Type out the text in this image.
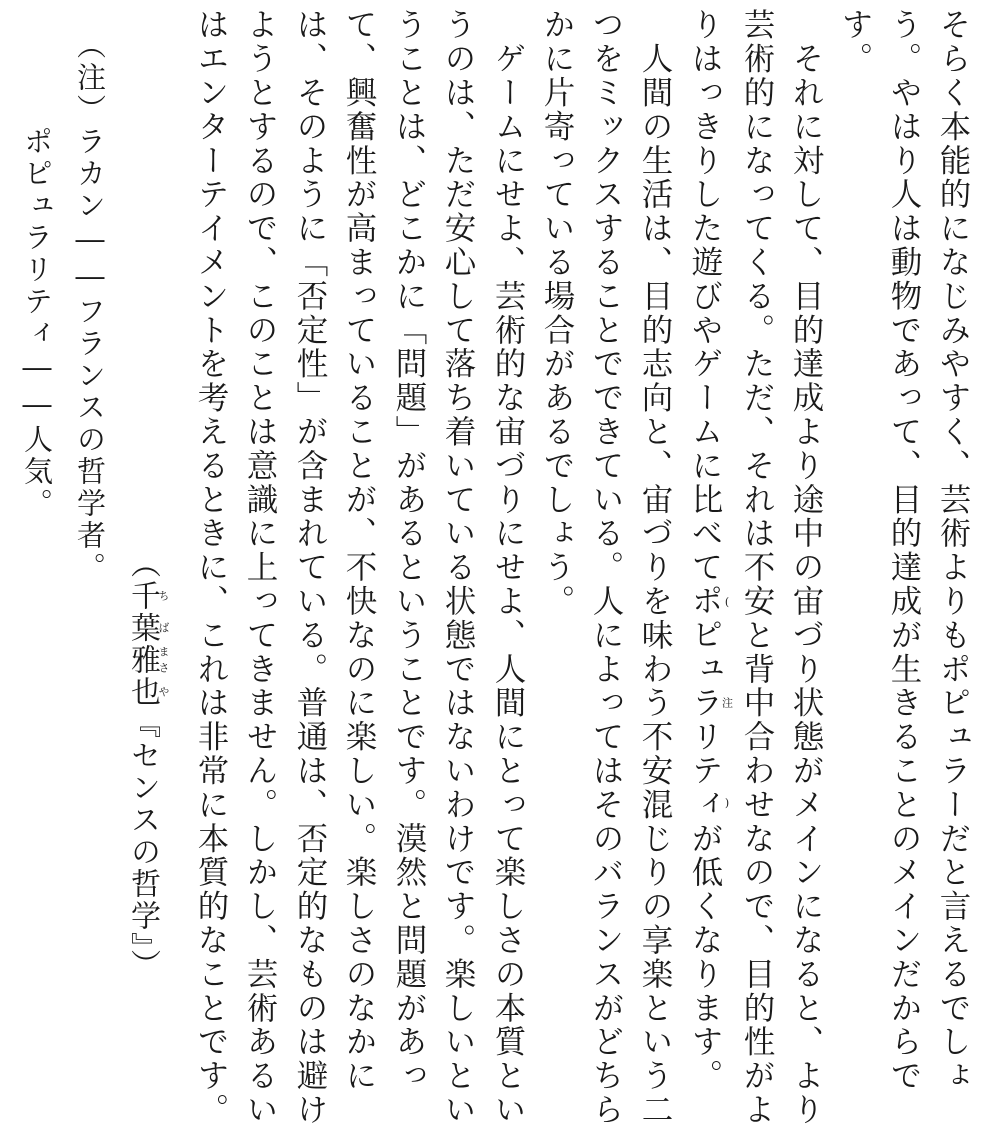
そらく本能的になじみやすく、芸術よりもポピュラーだと言えるでしょ

う。やはり人は動物であって、目的達成が生きることのメインだからで

す。

　それに対して、目的達成より途中の宙づり状態がメインになると、より

芸術的になってくる。ただ、それは不安と背中合わせなので、目的性がよ

りはっきりした遊びやゲームに比べてポピュラリティ(注)が低くなります。

　人間の生活は、目的志向と、宙づりを味わう不安混じりの享楽という二

つをミックスすることでできている。人によってはそのバランスがどちら

かに片寄っている場合があるでしょう。

　ゲームにせよ、芸術的な宙づりにせよ、人間にとって楽しさの本質とい

うのは、ただ安心して落ち着いている状態ではないわけです。楽しいとい

うことは、どこかに「問題」があるということです。漠然と問題があっ

て、興奮性が高まっていることが、不快なのに楽しい。楽しさのなかに

は、そのように「否定性」が含まれている。普通は、否定的なものは避け

ようとするので、このことは意識に上ってきません。しかし、芸術あるい

はエンターテイメントを考えるときに、これは非常に本質的なことです。

（千ち葉ば雅まさ也や『センスの哲学』）

（注）ラカン――フランスの哲学者。

　　　ポピュラリティ――人気。
